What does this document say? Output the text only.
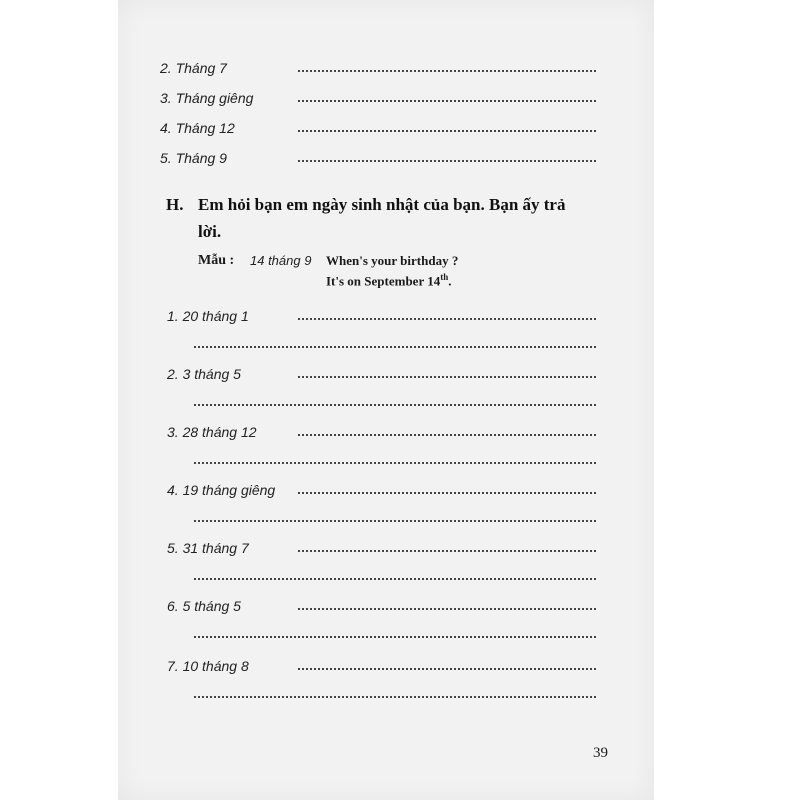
2. Tháng 7
3. Tháng giêng
4. Tháng 12
5. Tháng 9
H. Em hỏi bạn em ngày sinh nhật của bạn. Bạn ấy trả
lời.
Mẫu : 14 tháng 9 When's your birthday ?
It's on September 14th.
1. 20 tháng 1
2. 3 tháng 5
3. 28 tháng 12
4. 19 tháng giêng
5. 31 tháng 7
6. 5 tháng 5
7. 10 tháng 8
39
